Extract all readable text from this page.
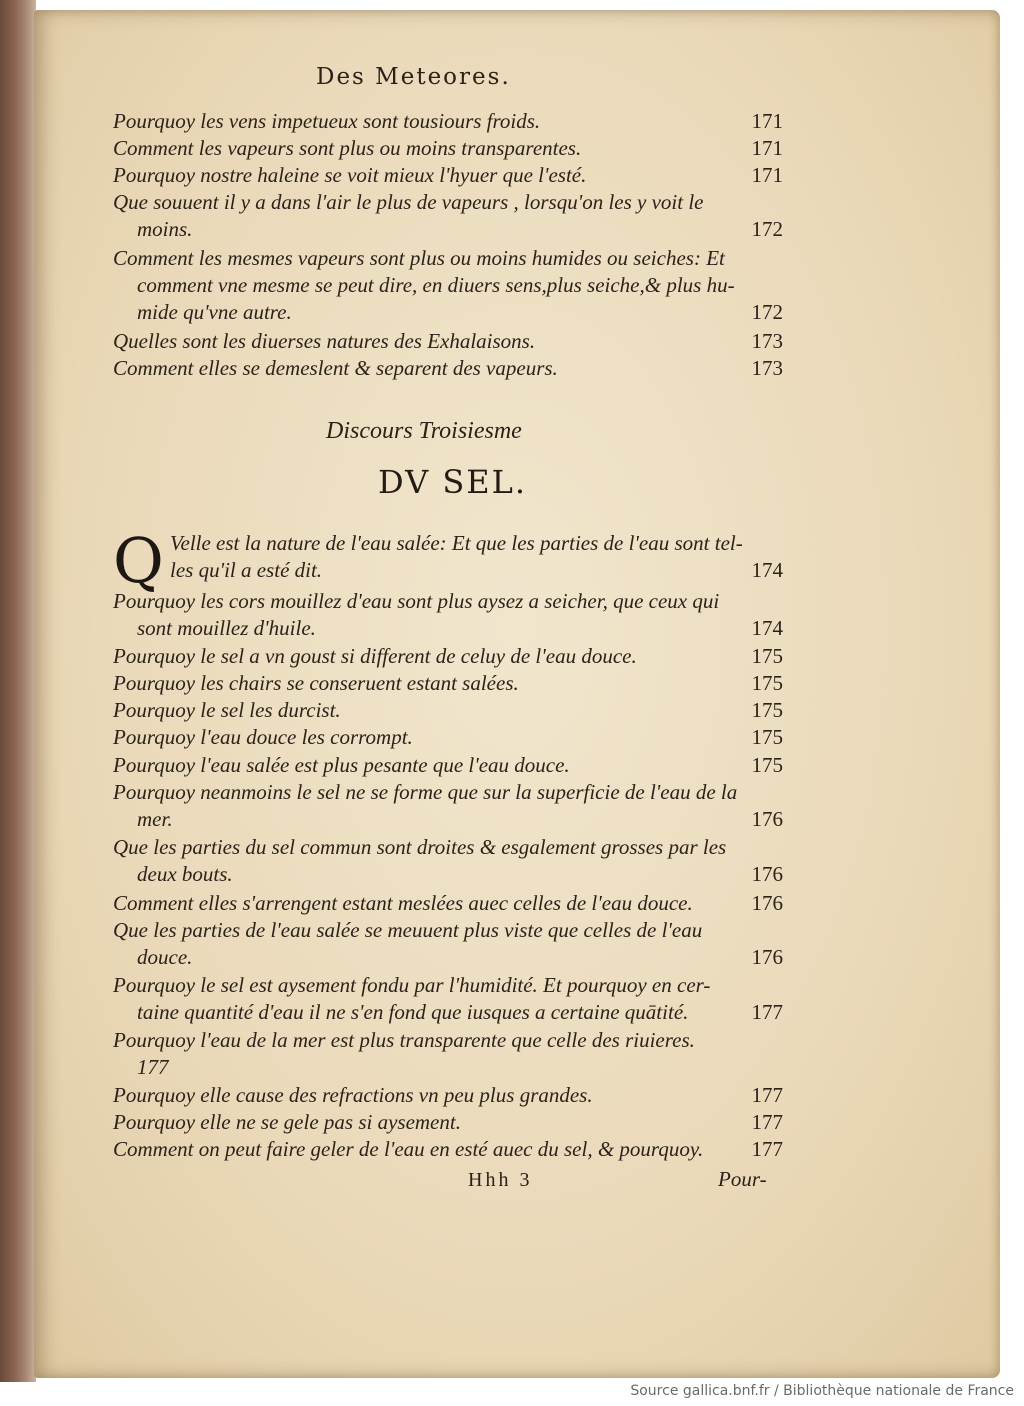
Des Meteores.
Pourquoy les vens impetueux sont tousiours froids.	171
Comment les vapeurs sont plus ou moins transparentes.	171
Pourquoy nostre haleine se voit mieux l'hyuer que l'esté.	171
Que souuent il y a dans l'air le plus de vapeurs , lorsqu'on les y voit le
moins.	172
Comment les mesmes vapeurs sont plus ou moins humides ou seiches: Et
comment vne mesme se peut dire, en diuers sens,plus seiche,& plus hu-
mide qu'vne autre.	172
Quelles sont les diuerses natures des Exhalaisons.	173
Comment elles se demeslent & separent des vapeurs.	173
Discours Troisiesme
DV SEL.
Q Velle est la nature de l'eau salée: Et que les parties de l'eau sont tel-
les qu'il a esté dit.	174
Pourquoy les cors mouillez d'eau sont plus aysez a seicher, que ceux qui
sont mouillez d'huile.	174
Pourquoy le sel a vn goust si different de celuy de l'eau douce.	175
Pourquoy les chairs se conseruent estant salées.	175
Pourquoy le sel les durcist.	175
Pourquoy l'eau douce les corrompt.	175
Pourquoy l'eau salée est plus pesante que l'eau douce.	175
Pourquoy neanmoins le sel ne se forme que sur la superficie de l'eau de la
mer.	176
Que les parties du sel commun sont droites & esgalement grosses par les
deux bouts.	176
Comment elles s'arrengent estant meslées auec celles de l'eau douce.	176
Que les parties de l'eau salée se meuuent plus viste que celles de l'eau
douce.	176
Pourquoy le sel est aysement fondu par l'humidité. Et pourquoy en cer-
taine quantité d'eau il ne s'en fond que iusques a certaine quātité.	177
Pourquoy l'eau de la mer est plus transparente que celle des riuieres.
177
Pourquoy elle cause des refractions vn peu plus grandes.	177
Pourquoy elle ne se gele pas si aysement.	177
Comment on peut faire geler de l'eau en esté auec du sel, & pourquoy. 177
Hhh 3	Pour-
Source gallica.bnf.fr / Bibliothèque nationale de France
